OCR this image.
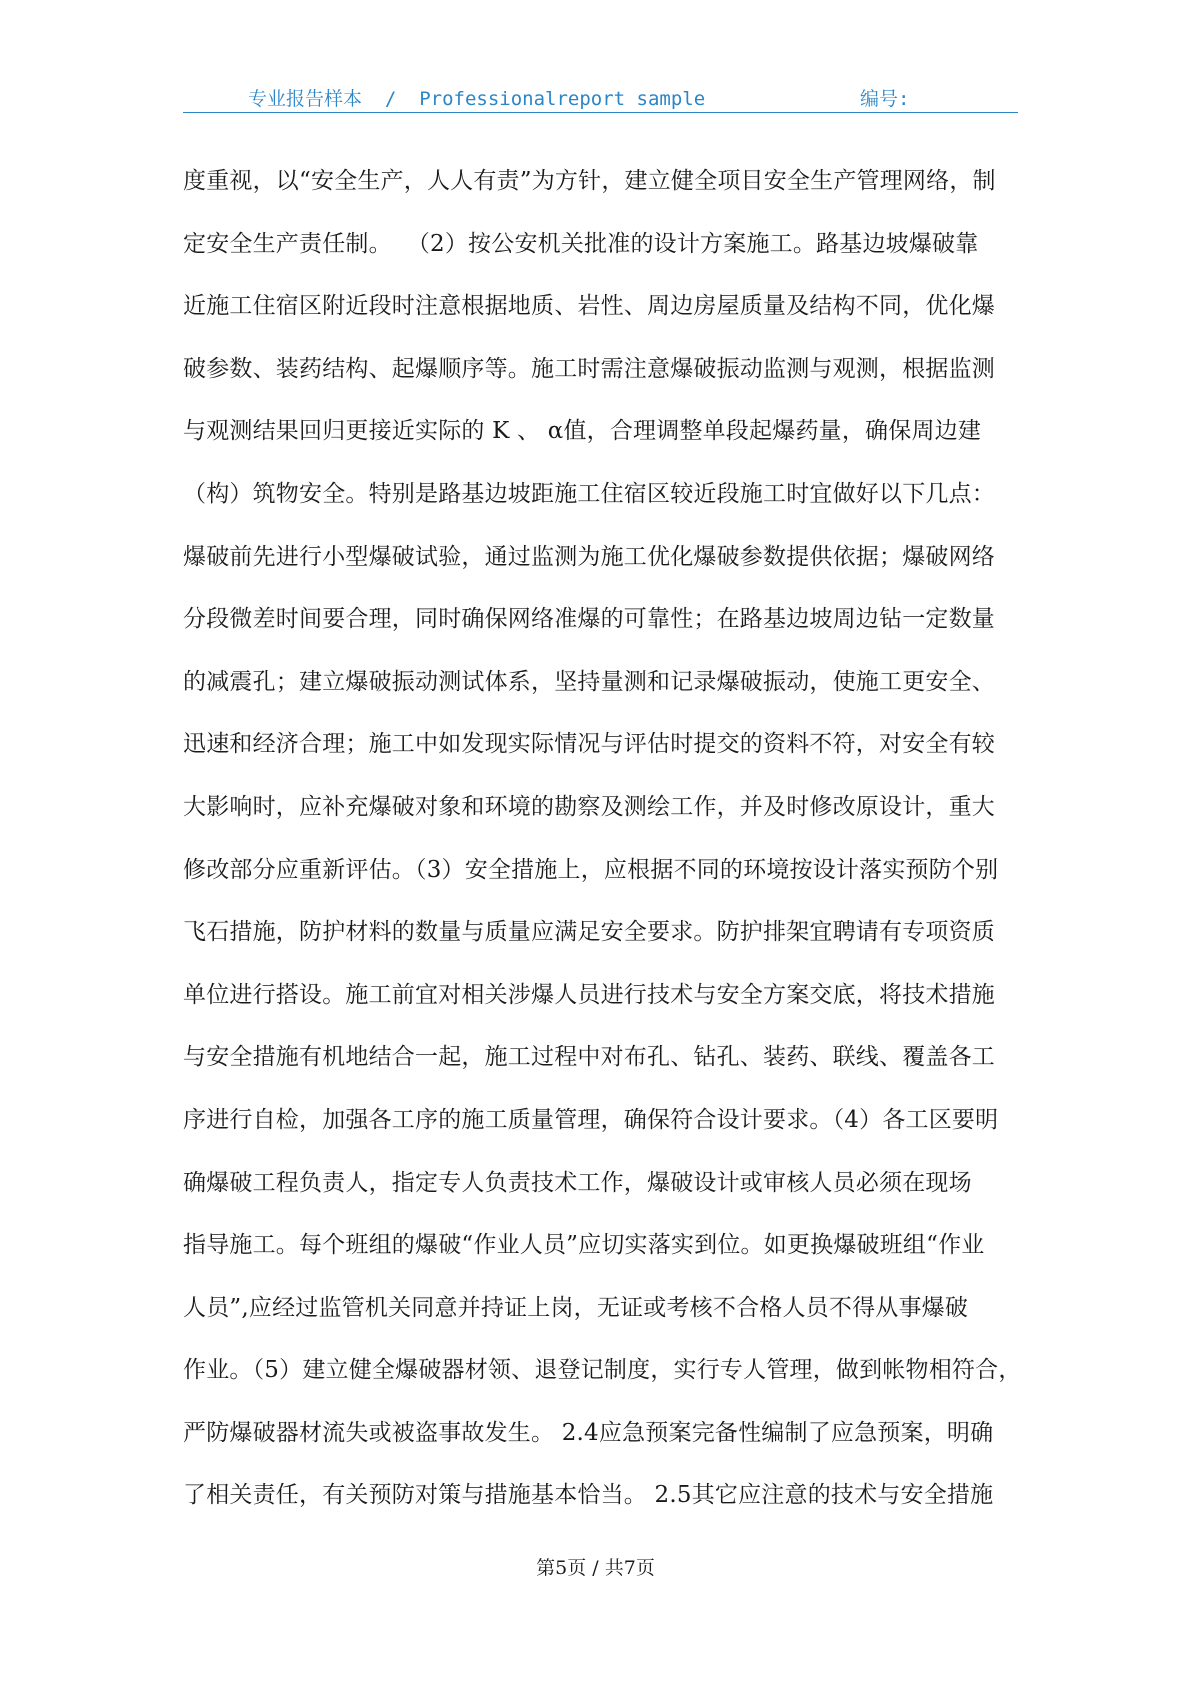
专业报告样本  /  Professionalreport sample	编号:
度重视，以“安全生产，人人有责”为方针，建立健全项目安全生产管理网络，制
定安全生产责任制。  （2）按公安机关批准的设计方案施工。路基边坡爆破靠
近施工住宿区附近段时注意根据地质、岩性、周边房屋质量及结构不同，优化爆
破参数、装药结构、起爆顺序等。施工时需注意爆破振动监测与观测，根据监测
与观测结果回归更接近实际的 K 、 α值，合理调整单段起爆药量，确保周边建
（构）筑物安全。特别是路基边坡距施工住宿区较近段施工时宜做好以下几点：
爆破前先进行小型爆破试验，通过监测为施工优化爆破参数提供依据；爆破网络
分段微差时间要合理，同时确保网络准爆的可靠性；在路基边坡周边钻一定数量
的减震孔；建立爆破振动测试体系，坚持量测和记录爆破振动，使施工更安全、
迅速和经济合理；施工中如发现实际情况与评估时提交的资料不符，对安全有较
大影响时，应补充爆破对象和环境的勘察及测绘工作，并及时修改原设计，重大
修改部分应重新评估。（3）安全措施上，应根据不同的环境按设计落实预防个别
飞石措施，防护材料的数量与质量应满足安全要求。防护排架宜聘请有专项资质
单位进行搭设。施工前宜对相关涉爆人员进行技术与安全方案交底，将技术措施
与安全措施有机地结合一起，施工过程中对布孔、钻孔、装药、联线、覆盖各工
序进行自检，加强各工序的施工质量管理，确保符合设计要求。（4）各工区要明
确爆破工程负责人，指定专人负责技术工作，爆破设计或审核人员必须在现场
指导施工。每个班组的爆破“作业人员”应切实落实到位。如更换爆破班组“作业
人员”,应经过监管机关同意并持证上岗，无证或考核不合格人员不得从事爆破
作业。（5）建立健全爆破器材领、退登记制度，实行专人管理，做到帐物相符合，
严防爆破器材流失或被盗事故发生。 2.4应急预案完备性编制了应急预案，明确
了相关责任，有关预防对策与措施基本恰当。 2.5其它应注意的技术与安全措施
第5页 / 共7页
